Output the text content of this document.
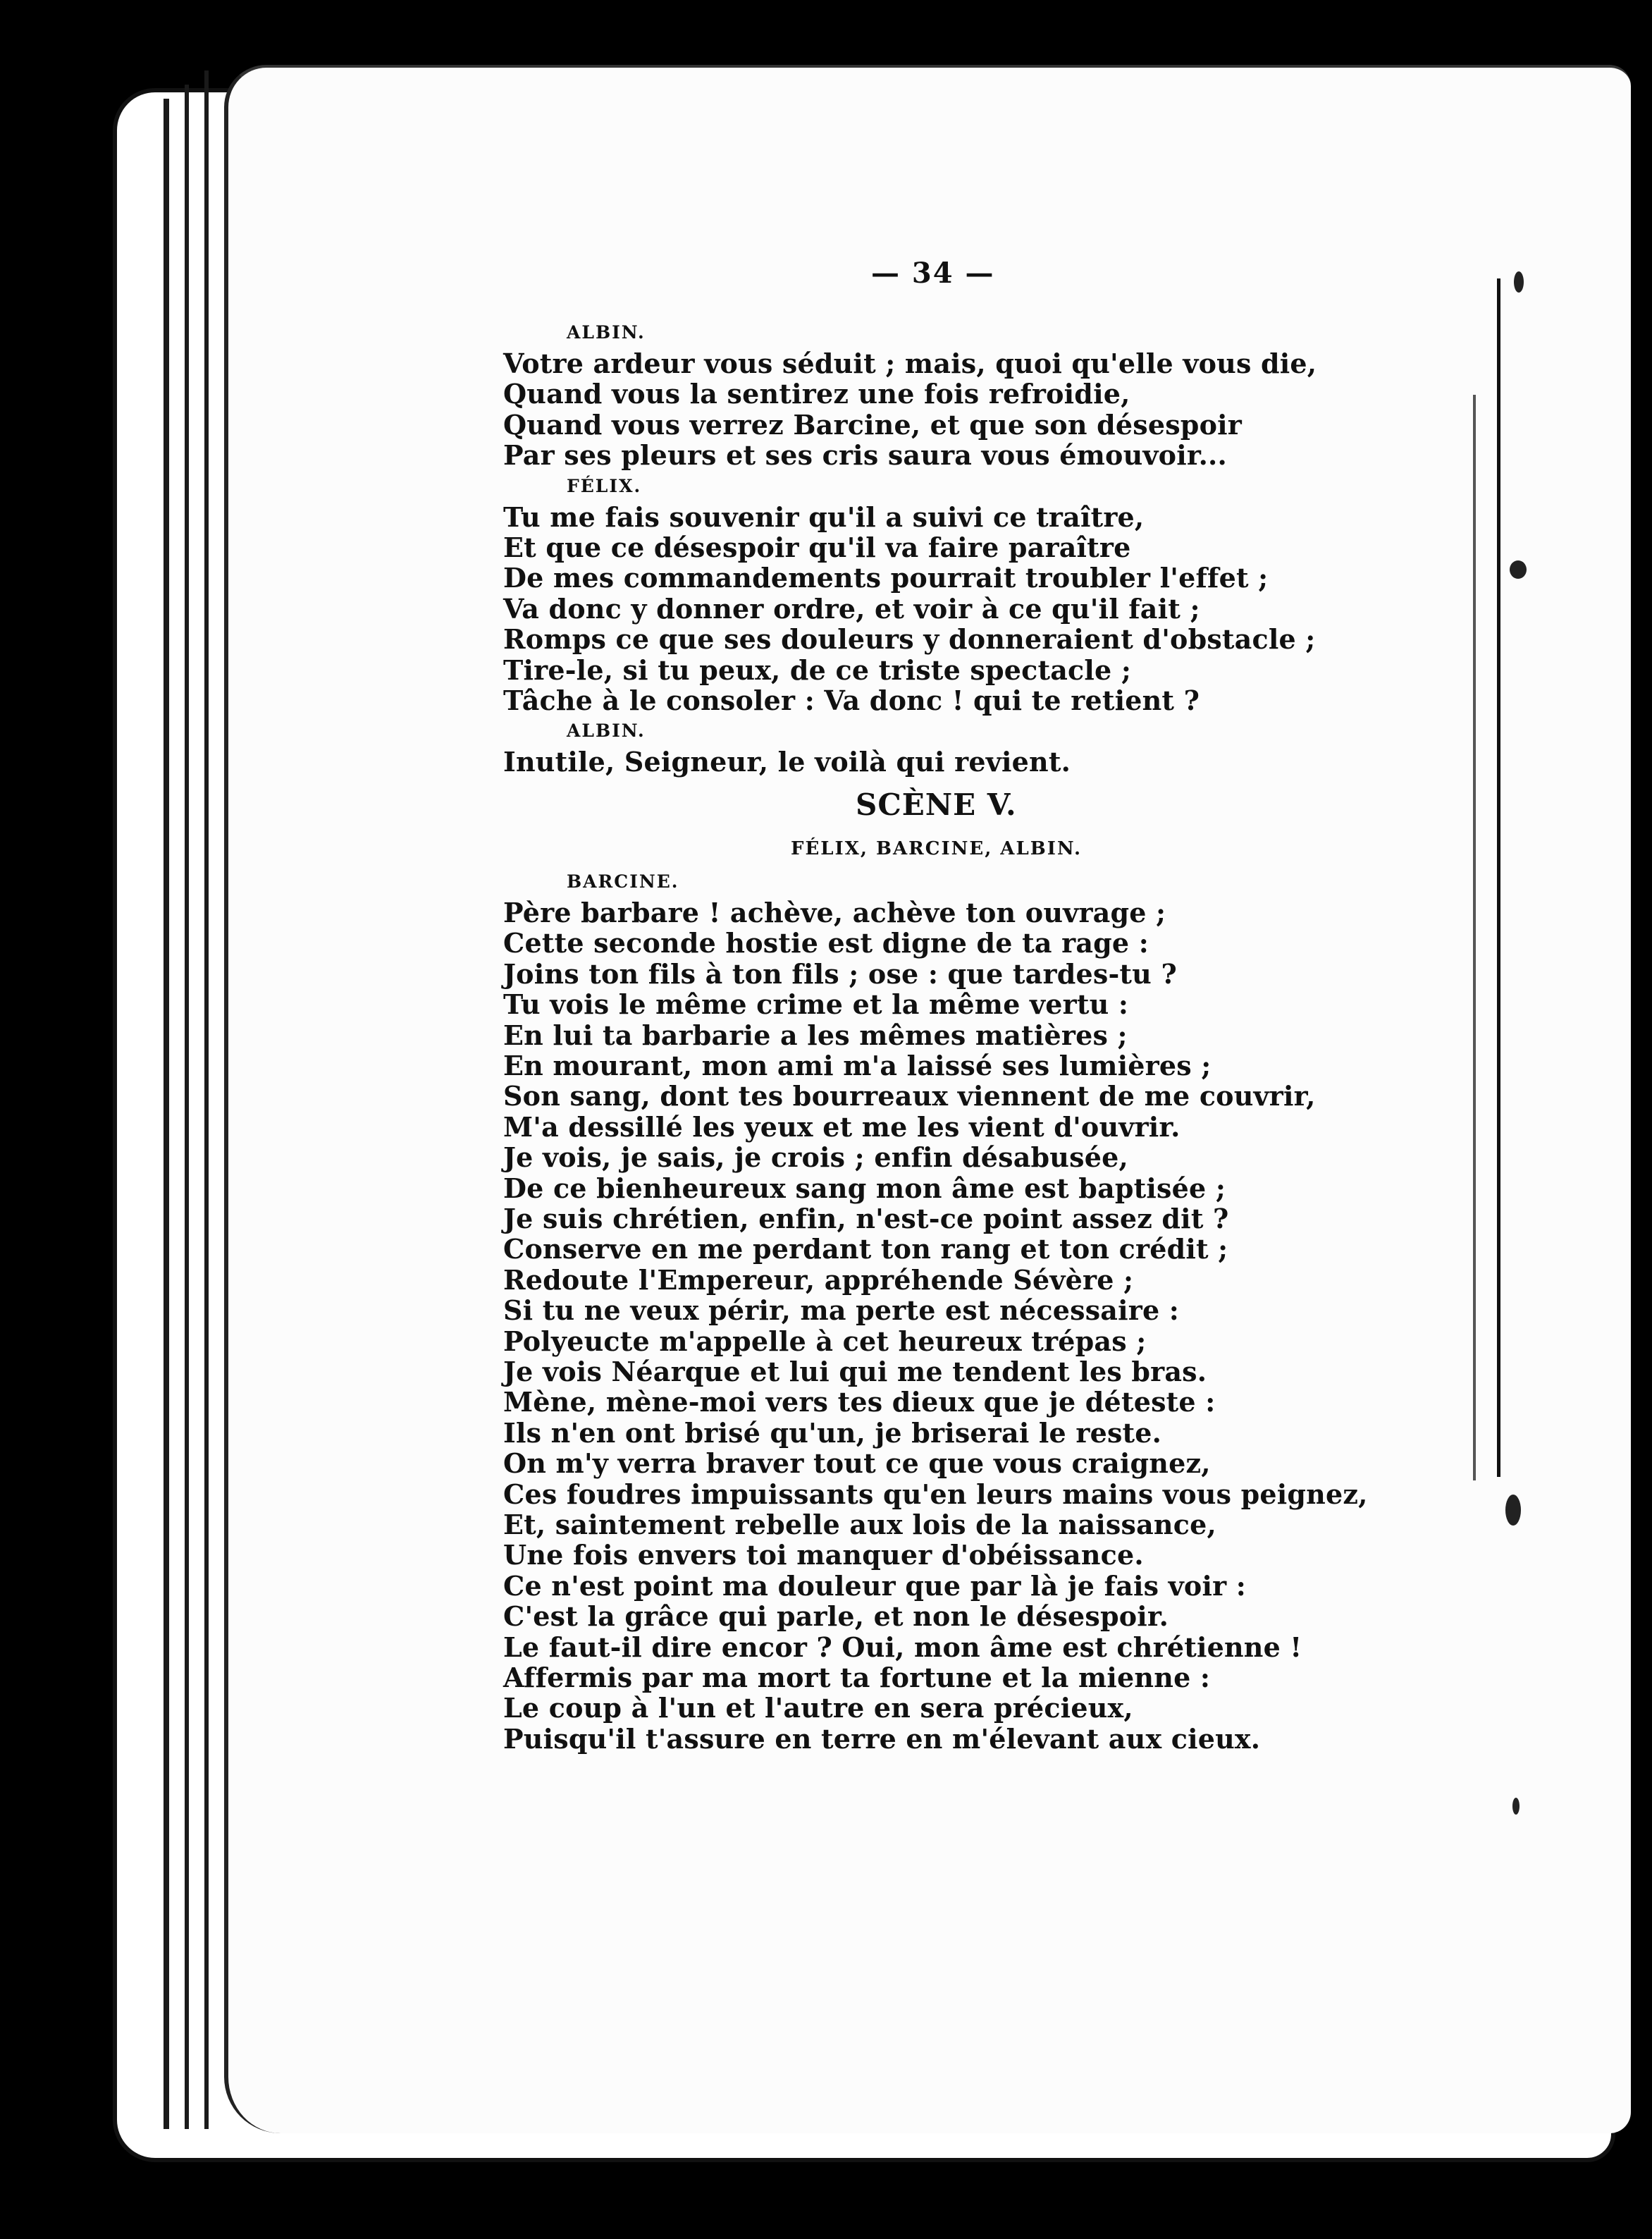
— 34 —
ALBIN.
Votre ardeur vous séduit ; mais, quoi qu'elle vous die,
Quand vous la sentirez une fois refroidie,
Quand vous verrez Barcine, et que son désespoir
Par ses pleurs et ses cris saura vous émouvoir...
FÉLIX.
Tu me fais souvenir qu'il a suivi ce traître,
Et que ce désespoir qu'il va faire paraître
De mes commandements pourrait troubler l'effet ;
Va donc y donner ordre, et voir à ce qu'il fait ;
Romps ce que ses douleurs y donneraient d'obstacle ;
Tire-le, si tu peux, de ce triste spectacle ;
Tâche à le consoler : Va donc ! qui te retient ?
ALBIN.
Inutile, Seigneur, le voilà qui revient.
SCÈNE V.
FÉLIX, BARCINE, ALBIN.
BARCINE.
Père barbare ! achève, achève ton ouvrage ;
Cette seconde hostie est digne de ta rage :
Joins ton fils à ton fils ; ose : que tardes-tu ?
Tu vois le même crime et la même vertu :
En lui ta barbarie a les mêmes matières ;
En mourant, mon ami m'a laissé ses lumières ;
Son sang, dont tes bourreaux viennent de me couvrir,
M'a dessillé les yeux et me les vient d'ouvrir.
Je vois, je sais, je crois ; enfin désabusée,
De ce bienheureux sang mon âme est baptisée ;
Je suis chrétien, enfin, n'est-ce point assez dit ?
Conserve en me perdant ton rang et ton crédit ;
Redoute l'Empereur, appréhende Sévère ;
Si tu ne veux périr, ma perte est nécessaire :
Polyeucte m'appelle à cet heureux trépas ;
Je vois Néarque et lui qui me tendent les bras.
Mène, mène-moi vers tes dieux que je déteste :
Ils n'en ont brisé qu'un, je briserai le reste.
On m'y verra braver tout ce que vous craignez,
Ces foudres impuissants qu'en leurs mains vous peignez,
Et, saintement rebelle aux lois de la naissance,
Une fois envers toi manquer d'obéissance.
Ce n'est point ma douleur que par là je fais voir :
C'est la grâce qui parle, et non le désespoir.
Le faut-il dire encor ? Oui, mon âme est chrétienne !
Affermis par ma mort ta fortune et la mienne :
Le coup à l'un et l'autre en sera précieux,
Puisqu'il t'assure en terre en m'élevant aux cieux.
